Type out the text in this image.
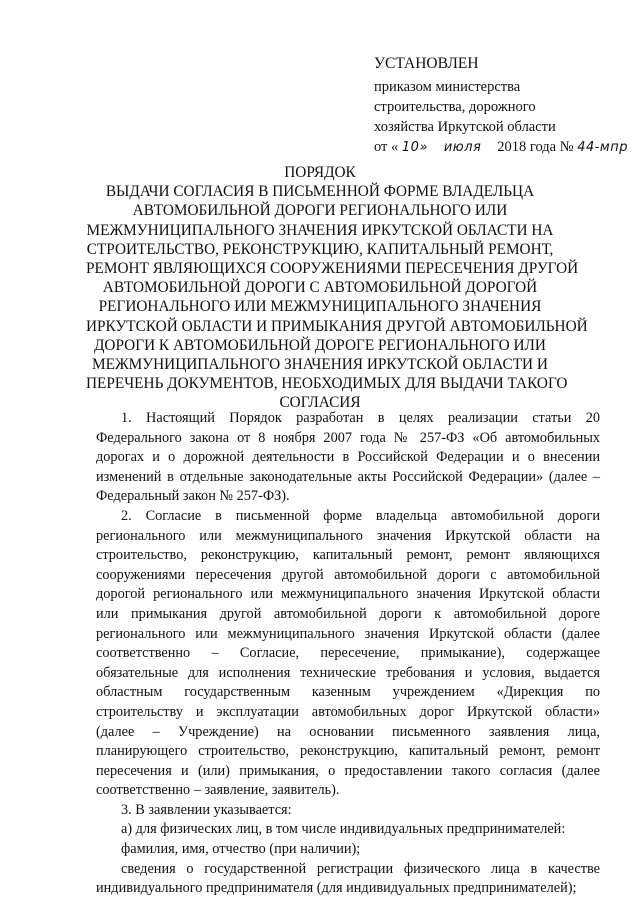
УСТАНОВЛЕН
приказом министерства
строительства, дорожного
хозяйства Иркутской области
от « 10» июля 2018 года № 44-мпр
ПОРЯДОК
ВЫДАЧИ СОГЛАСИЯ В ПИСЬМЕННОЙ ФОРМЕ ВЛАДЕЛЬЦА
АВТОМОБИЛЬНОЙ ДОРОГИ РЕГИОНАЛЬНОГО ИЛИ
МЕЖМУНИЦИПАЛЬНОГО ЗНАЧЕНИЯ ИРКУТСКОЙ ОБЛАСТИ НА
СТРОИТЕЛЬСТВО, РЕКОНСТРУКЦИЮ, КАПИТАЛЬНЫЙ РЕМОНТ,
РЕМОНТ ЯВЛЯЮЩИХСЯ СООРУЖЕНИЯМИ ПЕРЕСЕЧЕНИЯ ДРУГОЙ
АВТОМОБИЛЬНОЙ ДОРОГИ С АВТОМОБИЛЬНОЙ ДОРОГОЙ
РЕГИОНАЛЬНОГО ИЛИ МЕЖМУНИЦИПАЛЬНОГО ЗНАЧЕНИЯ
ИРКУТСКОЙ ОБЛАСТИ И ПРИМЫКАНИЯ ДРУГОЙ АВТОМОБИЛЬНОЙ
ДОРОГИ К АВТОМОБИЛЬНОЙ ДОРОГЕ РЕГИОНАЛЬНОГО ИЛИ
МЕЖМУНИЦИПАЛЬНОГО ЗНАЧЕНИЯ ИРКУТСКОЙ ОБЛАСТИ И
ПЕРЕЧЕНЬ ДОКУМЕНТОВ, НЕОБХОДИМЫХ ДЛЯ ВЫДАЧИ ТАКОГО
СОГЛАСИЯ

1. Настоящий Порядок разработан в целях реализации статьи 20
Федерального закона от 8 ноября 2007 года № 257-ФЗ «Об автомобильных
дорогах и о дорожной деятельности в Российской Федерации и о внесении
изменений в отдельные законодательные акты Российской Федерации» (далее –
Федеральный закон № 257-ФЗ).

2. Согласие в письменной форме владельца автомобильной дороги
регионального или межмуниципального значения Иркутской области на
строительство, реконструкцию, капитальный ремонт, ремонт являющихся
сооружениями пересечения другой автомобильной дороги с автомобильной
дорогой регионального или межмуниципального значения Иркутской области
или примыкания другой автомобильной дороги к автомобильной дороге
регионального или межмуниципального значения Иркутской области (далее
соответственно – Согласие, пересечение, примыкание), содержащее
обязательные для исполнения технические требования и условия, выдается
областным государственным казенным учреждением «Дирекция по
строительству и эксплуатации автомобильных дорог Иркутской области»
(далее – Учреждение) на основании письменного заявления лица,
планирующего строительство, реконструкцию, капитальный ремонт, ремонт
пересечения и (или) примыкания, о предоставлении такого согласия (далее
соответственно – заявление, заявитель).

3. В заявлении указывается:
а) для физических лиц, в том числе индивидуальных предпринимателей:
фамилия, имя, отчество (при наличии);
сведения о государственной регистрации физического лица в качестве
индивидуального предпринимателя (для индивидуальных предпринимателей);
